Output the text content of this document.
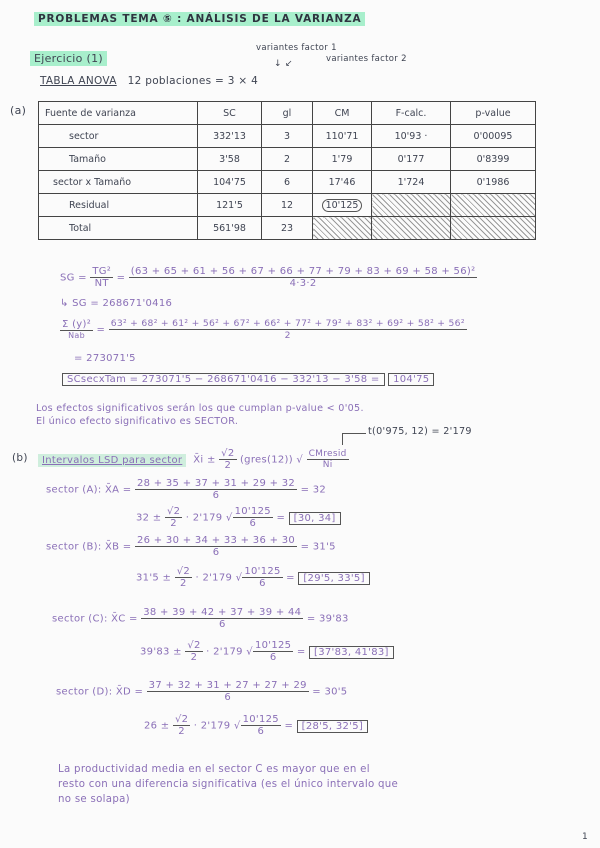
PROBLEMAS TEMA ⑤ : ANÁLISIS DE LA VARIANZA
Ejercicio (1)
variantes factor 1
variantes factor 2
↓ ↙
TABLA ANOVA 12 poblaciones = 3 × 4
(a) Fuente de varianza	SC	gl	CM	F-calc.	p-value
sector	332'13	3	110'71	10'93 ·	0'00095
Tamaño	3'58	2	1'79	0'177	0'8399
sector x Tamaño	104'75	6	17'46	1'724	0'1986
Residual	121'5	12	10'125		
Total	561'98	23			
SG = $\frac{\text{TG²}}{NT} = \frac{\text{(63 + 65 + 61 + 56 + 67 + 66 + 77 + 79 + 83 + 69 + 58 + 56)²}}{4\cdot 3\cdot 2}$
↳ SG = 268671'0416
$\frac{\text{Σ (y)²}}{\text{Nab}}$ =
63² + 68² + 61² + 56² + 67² + 66² + 77² + 79² + 83² + 69² + 58² + 56²
2
= 273071'5
SCsecxTam = 273071'5 − 268671'0416 − 332'13 − 3'58 = 104'75
Los efectos significativos serán los que cumplan p-value < 0'05.
El único efecto significativo es SECTOR.
t(0'975, 12) = 2'179
(b)	Intervalos LSD para sector X̄i ± $\frac{√2}{2}$ (gres(12)) √ $\frac{\text{CMresid}}{Ni}$
sector (A): X̄A = $\frac{28 + 35 + 37 + 31 + 29 + 32}{6} = 32$
$32 \pm \frac{√2}{2} \cdot 2'179$ √ $\frac{10'125}{6} = [30$, 34]
sector (B): X̄B = $\frac{26 + 30 + 34 + 33 + 36 + 30}{6} = 31'5$
$31'5 \pm \frac{√2}{2} \cdot 2'179$ √ $\frac{10'125}{6} = [29'5$, 33'5]
sector (C): X̄C = $\frac{38 + 39 + 42 + 37 + 39 + 44}{6} = 39'83$
$39'83 \pm \frac{√2}{2} \cdot 2'179$ √ $\frac{10'125}{6} = [37'83$, 41'83]
sector (D): X̄D = $\frac{37 + 32 + 31 + 27 + 27 + 29}{6} = 30'5$
$26 \pm \frac{√2}{2} \cdot 2'179$ √ $\frac{10'125}{6} = [28'5$, 32'5]
La productividad media en el sector C es mayor que en el
resto con una diferencia significativa (es el único intervalo que
no se solapa)
1
